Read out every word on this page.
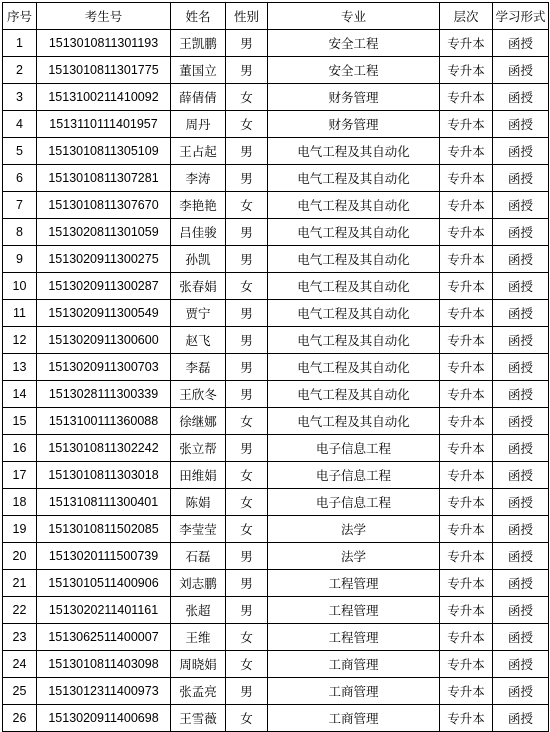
序号	考生号	姓名	性别	专业	层次	学习形式
1	1513010811301193	王凯鹏	男	安全工程	专升本	函授
2	1513010811301775	董国立	男	安全工程	专升本	函授
3	1513100211410092	薛倩倩	女	财务管理	专升本	函授
4	1513110111401957	周丹	女	财务管理	专升本	函授
5	1513010811305109	王占起	男	电气工程及其自动化	专升本	函授
6	1513010811307281	李涛	男	电气工程及其自动化	专升本	函授
7	1513010811307670	李艳艳	女	电气工程及其自动化	专升本	函授
8	1513020811301059	吕佳骏	男	电气工程及其自动化	专升本	函授
9	1513020911300275	孙凯	男	电气工程及其自动化	专升本	函授
10	1513020911300287	张春娟	女	电气工程及其自动化	专升本	函授
11	1513020911300549	贾宁	男	电气工程及其自动化	专升本	函授
12	1513020911300600	赵飞	男	电气工程及其自动化	专升本	函授
13	1513020911300703	李磊	男	电气工程及其自动化	专升本	函授
14	1513028111300339	王欣冬	男	电气工程及其自动化	专升本	函授
15	1513100111360088	徐继娜	女	电气工程及其自动化	专升本	函授
16	1513010811302242	张立帮	男	电子信息工程	专升本	函授
17	1513010811303018	田维娟	女	电子信息工程	专升本	函授
18	1513108111300401	陈娟	女	电子信息工程	专升本	函授
19	1513010811502085	李莹莹	女	法学	专升本	函授
20	1513020111500739	石磊	男	法学	专升本	函授
21	1513010511400906	刘志鹏	男	工程管理	专升本	函授
22	1513020211401161	张超	男	工程管理	专升本	函授
23	1513062511400007	王维	女	工程管理	专升本	函授
24	1513010811403098	周晓娟	女	工商管理	专升本	函授
25	1513012311400973	张孟亮	男	工商管理	专升本	函授
26	1513020911400698	王雪薇	女	工商管理	专升本	函授
